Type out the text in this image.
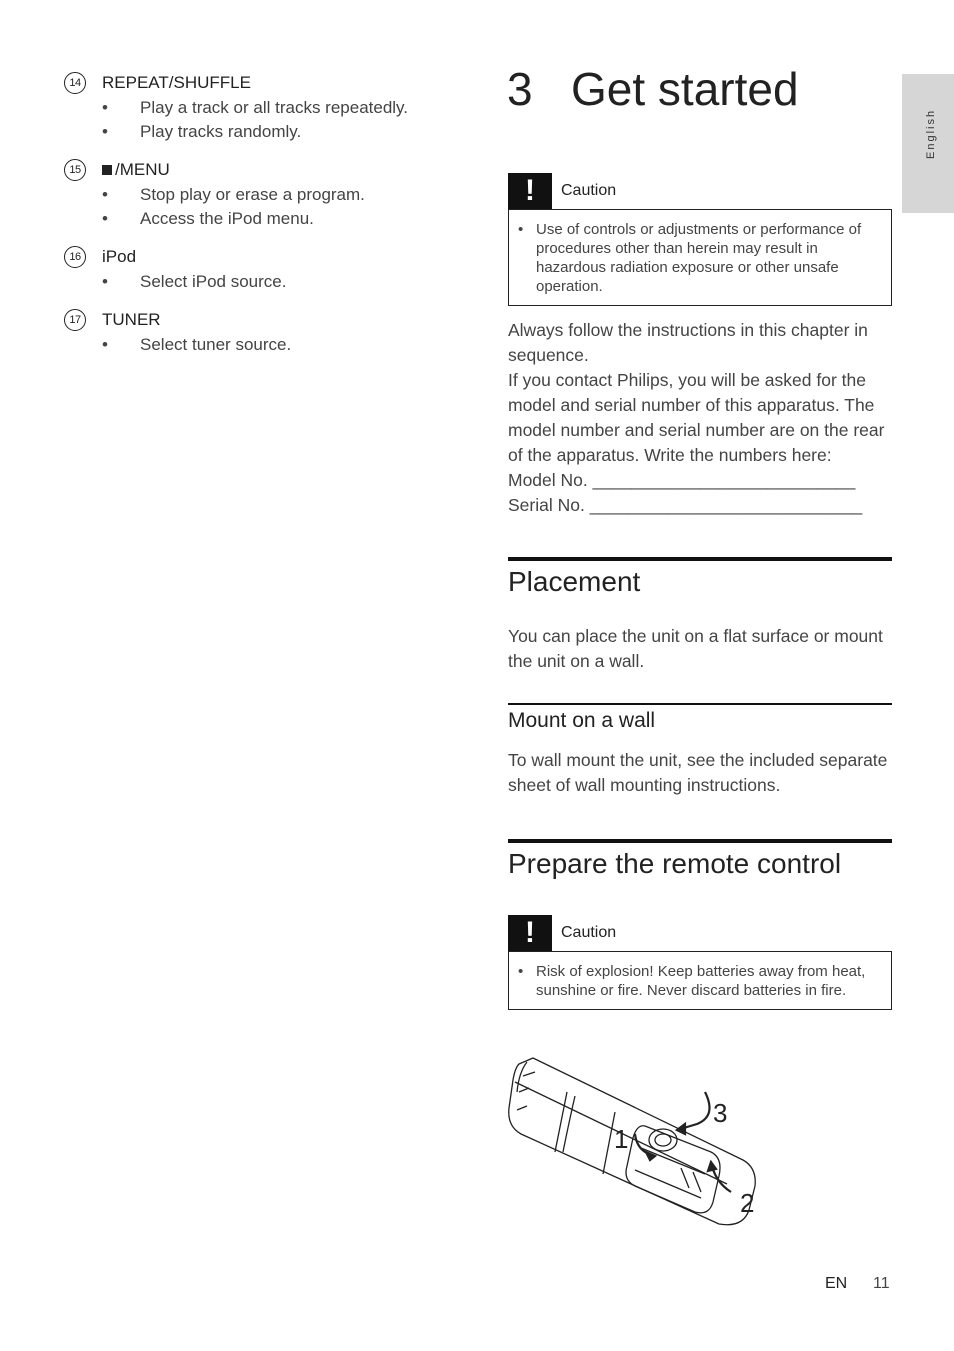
14	REPEAT/SHUFFLE
• Play a track or all tracks repeatedly.
• Play tracks randomly.
15	/MENU
• Stop play or erase a program.
• Access the iPod menu.
16	iPod
• Select iPod source.
17	TUNER
• Select tuner source.
English
3 Get started
!	Caution
• Use of controls or adjustments or performance of procedures other than herein may result in hazardous radiation exposure or other unsafe operation.
Always follow the instructions in this chapter in sequence.
If you contact Philips, you will be asked for the model and serial number of this apparatus. The model number and serial number are on the rear of the apparatus. Write the numbers here:
Model No. ___________________________
Serial No. ____________________________
Placement
You can place the unit on a flat surface or mount the unit on a wall.
Mount on a wall
To wall mount the unit, see the included separate sheet of wall mounting instructions.
Prepare the remote control
!	Caution
• Risk of explosion! Keep batteries away from heat, sunshine or fire. Never discard batteries in fire.
1
2
3
EN 11
